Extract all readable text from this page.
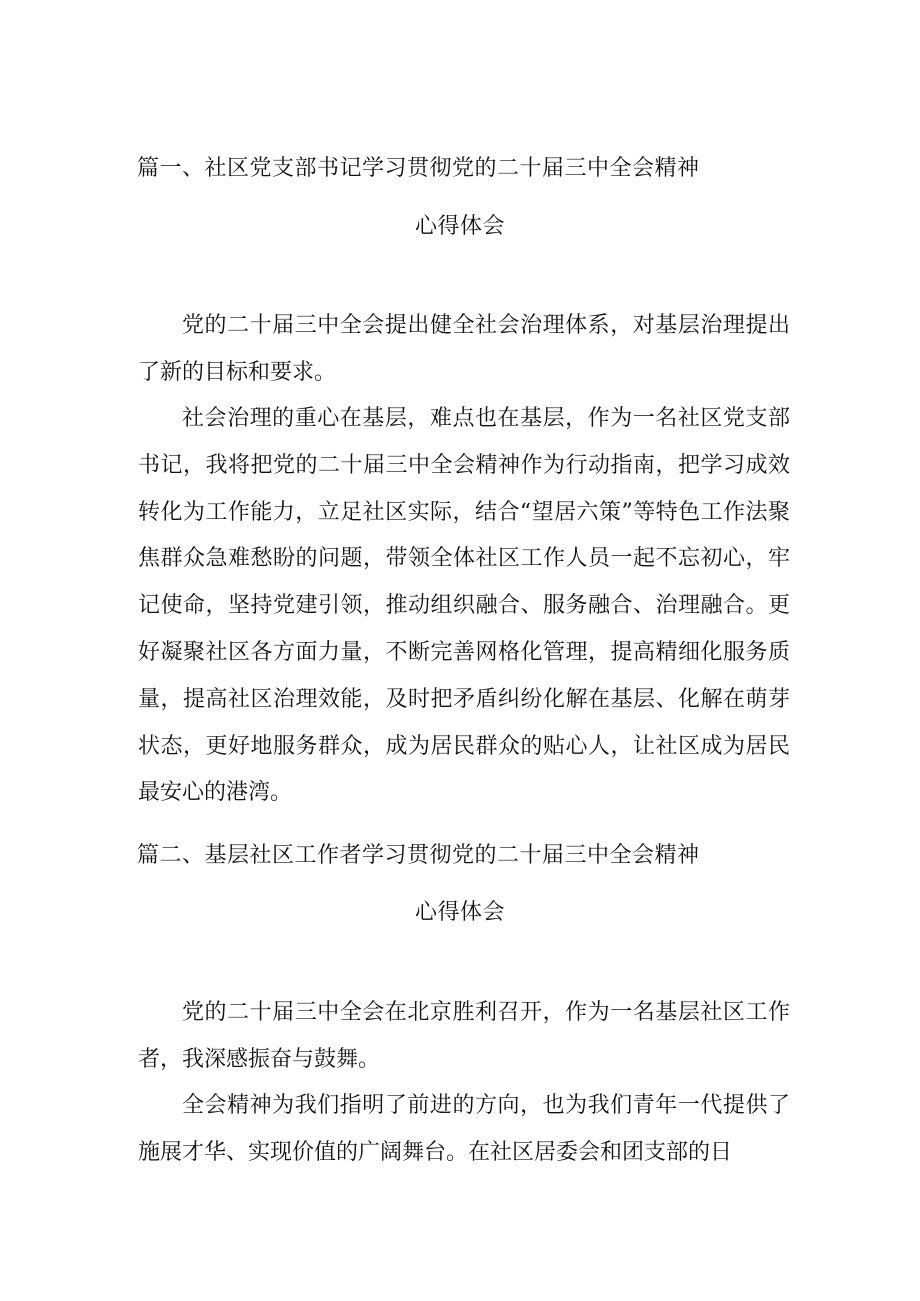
篇一、社区党支部书记学习贯彻党的二十届三中全会精神
心得体会

党的二十届三中全会提出健全社会治理体系，对基层治理提出了新的目标和要求。

社会治理的重心在基层，难点也在基层，作为一名社区党支部书记，我将把党的二十届三中全会精神作为行动指南，把学习成效转化为工作能力，立足社区实际，结合“望居六策”等特色工作法聚焦群众急难愁盼的问题，带领全体社区工作人员一起不忘初心，牢记使命，坚持党建引领，推动组织融合、服务融合、治理融合。更好凝聚社区各方面力量，不断完善网格化管理，提高精细化服务质量，提高社区治理效能，及时把矛盾纠纷化解在基层、化解在萌芽状态，更好地服务群众，成为居民群众的贴心人，让社区成为居民最安心的港湾。

篇二、基层社区工作者学习贯彻党的二十届三中全会精神
心得体会

党的二十届三中全会在北京胜利召开，作为一名基层社区工作者，我深感振奋与鼓舞。

全会精神为我们指明了前进的方向，也为我们青年一代提供了施展才华、实现价值的广阔舞台。在社区居委会和团支部的日
